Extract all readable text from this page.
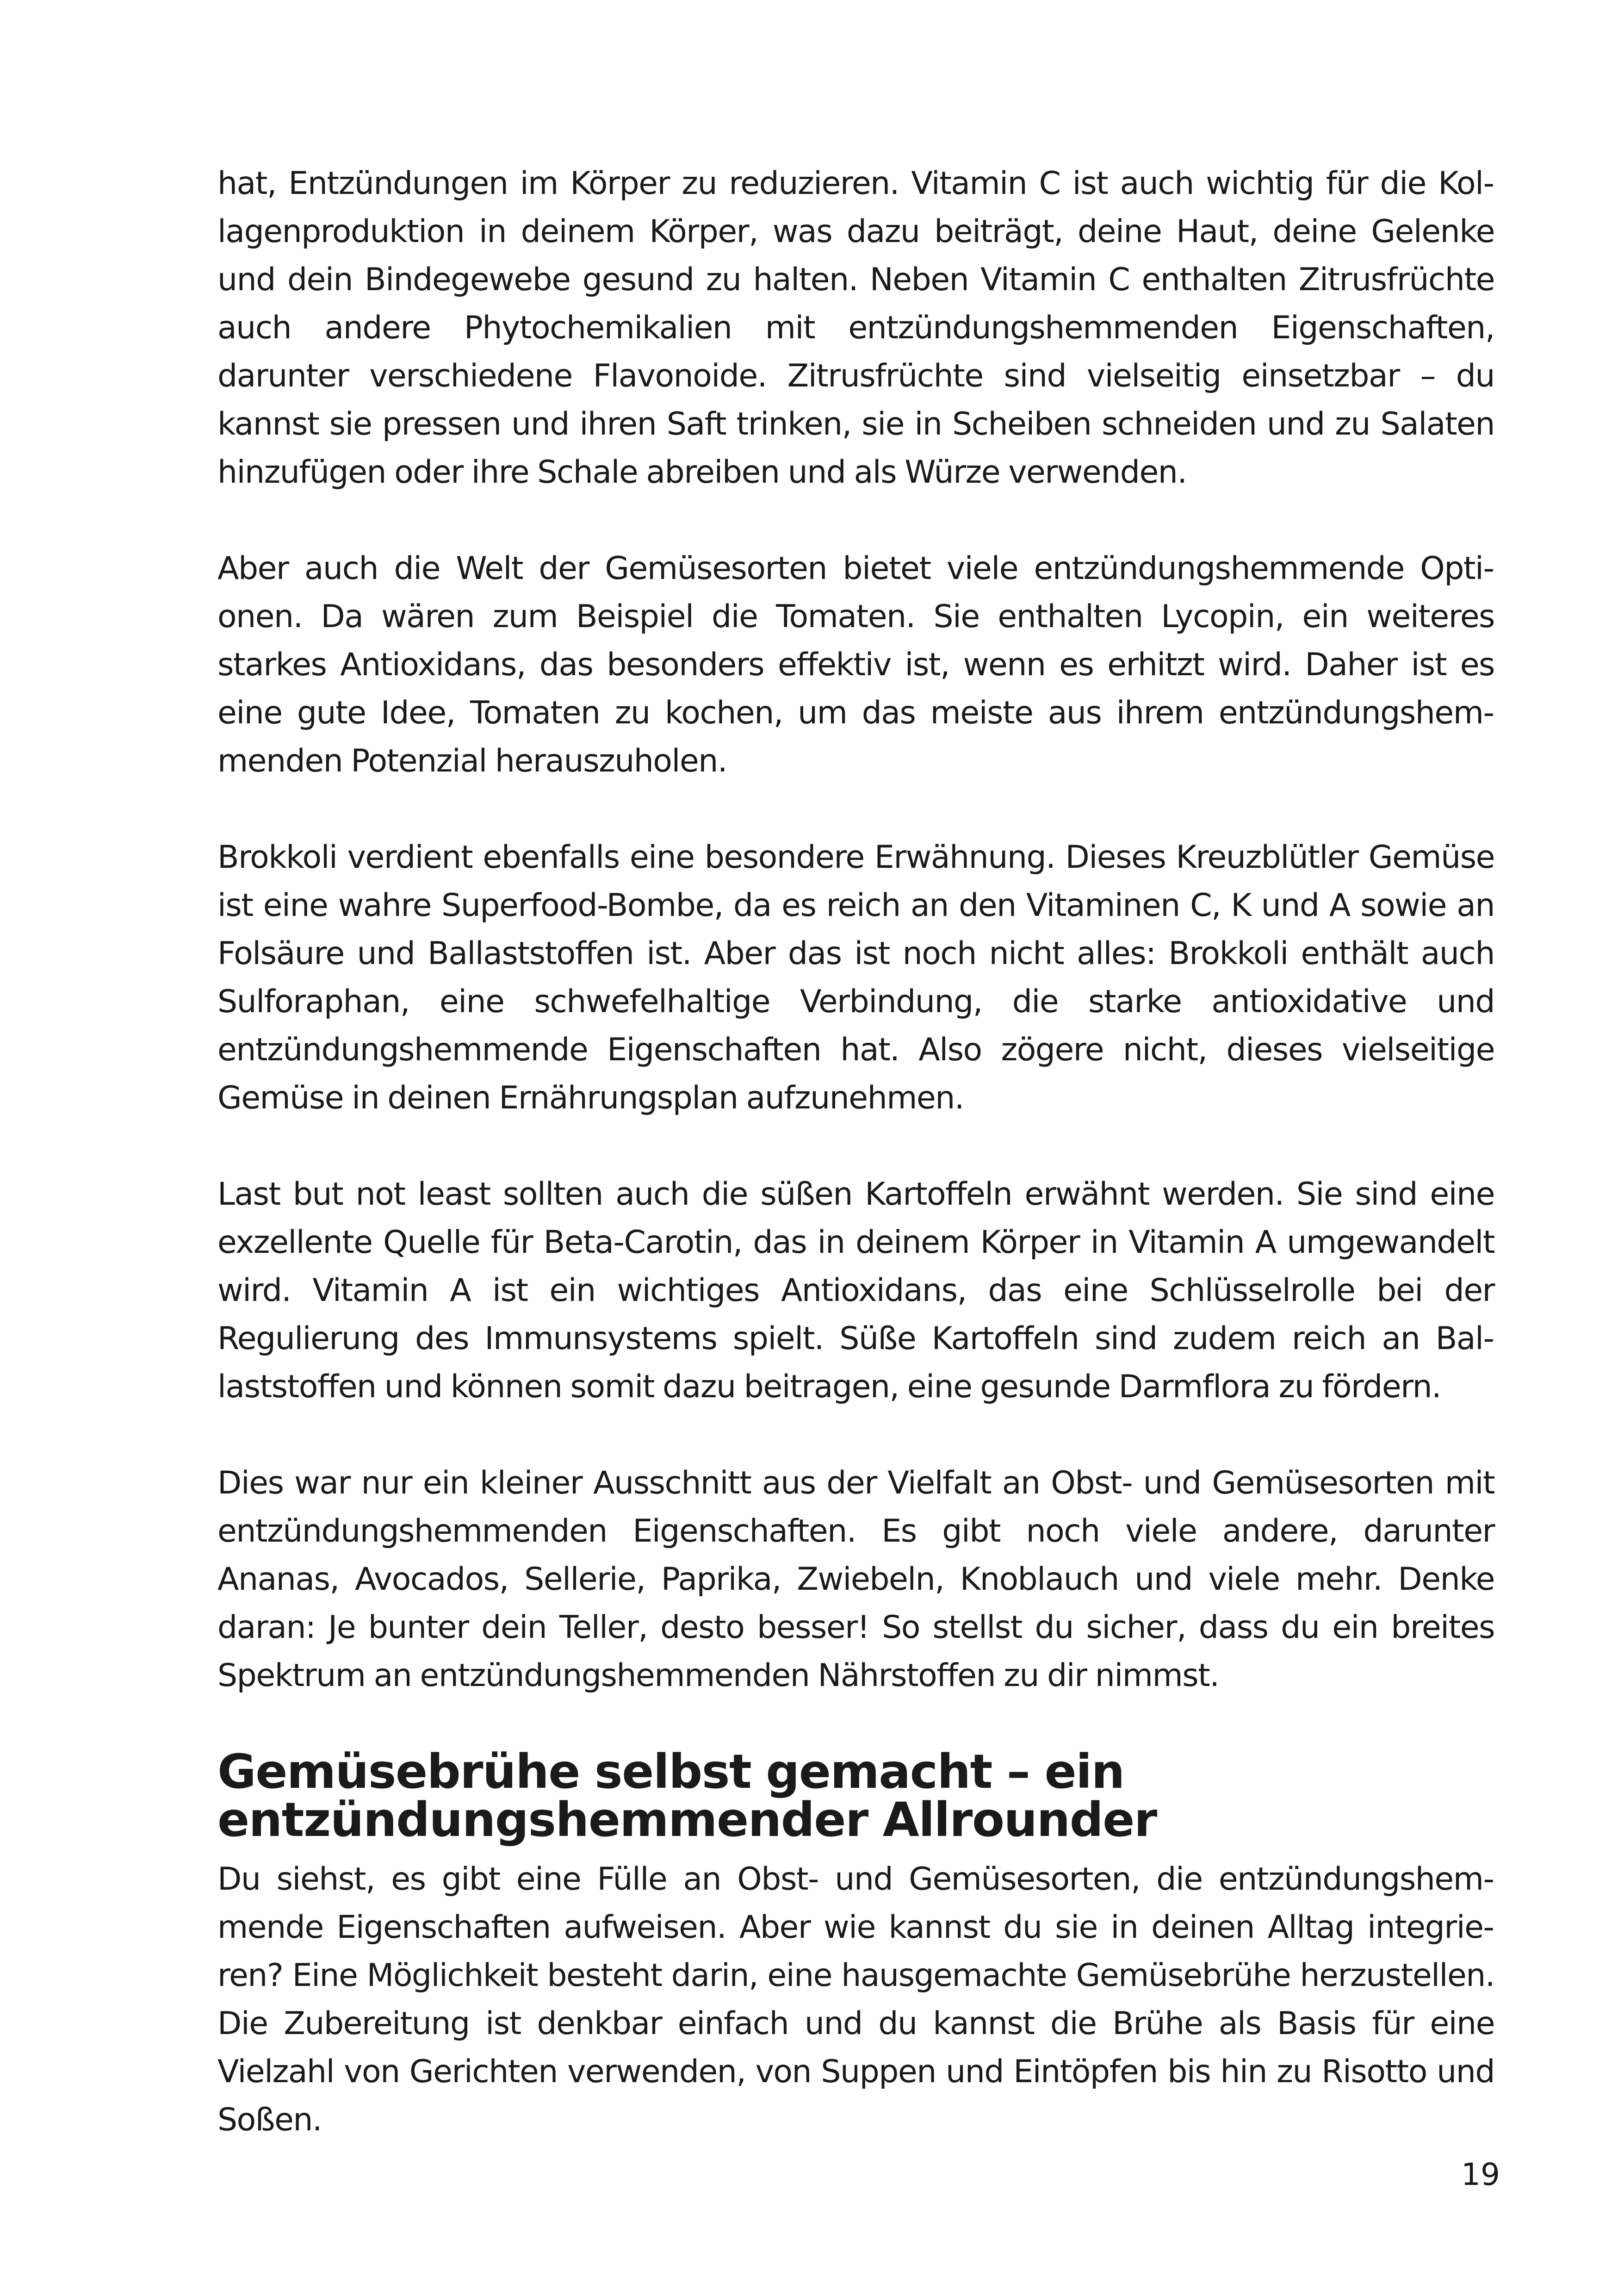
hat, Entzündungen im Körper zu reduzieren. Vitamin C ist auch wichtig für die Kollagenproduktion in deinem Körper, was dazu beiträgt, deine Haut, deine Gelenke und dein Bindegewebe gesund zu halten. Neben Vitamin C enthalten Zitrusfrüchte auch andere Phytochemikalien mit entzündungshemmenden Eigenschaften, darunter verschiedene Flavonoide. Zitrusfrüchte sind vielseitig einsetzbar – du kannst sie pressen und ihren Saft trinken, sie in Scheiben schneiden und zu Salaten hinzufügen oder ihre Schale abreiben und als Würze verwenden.

Aber auch die Welt der Gemüsesorten bietet viele entzündungshemmende Optionen. Da wären zum Beispiel die Tomaten. Sie enthalten Lycopin, ein weiteres starkes Antioxidans, das besonders effektiv ist, wenn es erhitzt wird. Daher ist es eine gute Idee, Tomaten zu kochen, um das meiste aus ihrem entzündungshemmenden Potenzial herauszuholen.

Brokkoli verdient ebenfalls eine besondere Erwähnung. Dieses Kreuzblütler Gemüse ist eine wahre Superfood-Bombe, da es reich an den Vitaminen C, K und A sowie an Folsäure und Ballaststoffen ist. Aber das ist noch nicht alles: Brokkoli enthält auch Sulforaphan, eine schwefelhaltige Verbindung, die starke antioxidative und entzündungshemmende Eigenschaften hat. Also zögere nicht, dieses vielseitige Gemüse in deinen Ernährungsplan aufzunehmen.

Last but not least sollten auch die süßen Kartoffeln erwähnt werden. Sie sind eine exzellente Quelle für Beta-Carotin, das in deinem Körper in Vitamin A umgewandelt wird. Vitamin A ist ein wichtiges Antioxidans, das eine Schlüsselrolle bei der Regulierung des Immunsystems spielt. Süße Kartoffeln sind zudem reich an Ballaststoffen und können somit dazu beitragen, eine gesunde Darmflora zu fördern.

Dies war nur ein kleiner Ausschnitt aus der Vielfalt an Obst- und Gemüsesorten mit entzündungshemmenden Eigenschaften. Es gibt noch viele andere, darunter Ananas, Avocados, Sellerie, Paprika, Zwiebeln, Knoblauch und viele mehr. Denke daran: Je bunter dein Teller, desto besser! So stellst du sicher, dass du ein breites Spektrum an entzündungshemmenden Nährstoffen zu dir nimmst.

Gemüsebrühe selbst gemacht – ein entzündungshemmender Allrounder

Du siehst, es gibt eine Fülle an Obst- und Gemüsesorten, die entzündungshemmende Eigenschaften aufweisen. Aber wie kannst du sie in deinen Alltag integrieren? Eine Möglichkeit besteht darin, eine hausgemachte Gemüsebrühe herzustellen. Die Zubereitung ist denkbar einfach und du kannst die Brühe als Basis für eine Vielzahl von Gerichten verwenden, von Suppen und Eintöpfen bis hin zu Risotto und Soßen.

19
